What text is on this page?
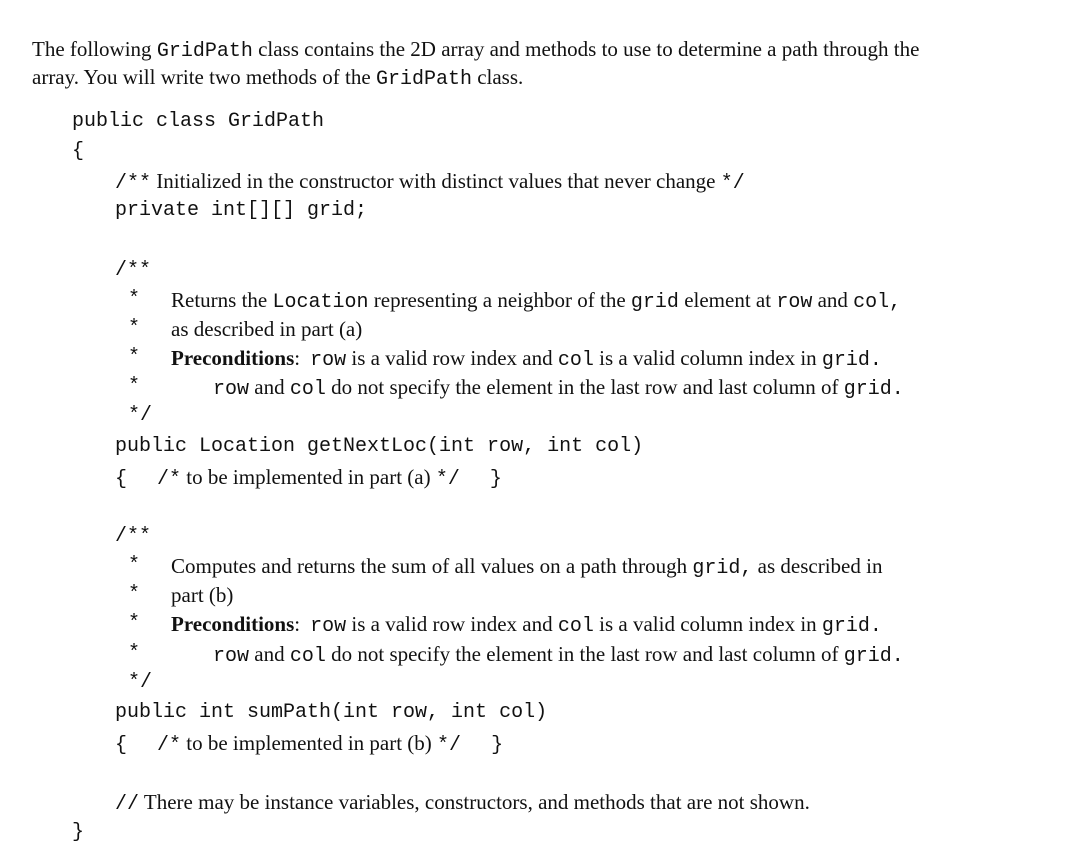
The following GridPath class contains the 2D array and methods to use to determine a path through the
array. You will write two methods of the GridPath class.
public class GridPath
{
/** Initialized in the constructor with distinct values that never change */
private int[][] grid;
/**
* Returns the Location representing a neighbor of the grid element at row and col,
* as described in part (a)
* Preconditions: row is a valid row index and col is a valid column index in grid.
*	row and col do not specify the element in the last row and last column of grid.
*/
public Location getNextLoc(int row, int col)
{ /* to be implemented in part (a) */ }
/**
* Computes and returns the sum of all values on a path through grid, as described in
* part (b)
* Preconditions: row is a valid row index and col is a valid column index in grid.
*	row and col do not specify the element in the last row and last column of grid.
*/
public int sumPath(int row, int col)
{ /* to be implemented in part (b) */ }
// There may be instance variables, constructors, and methods that are not shown.
}
